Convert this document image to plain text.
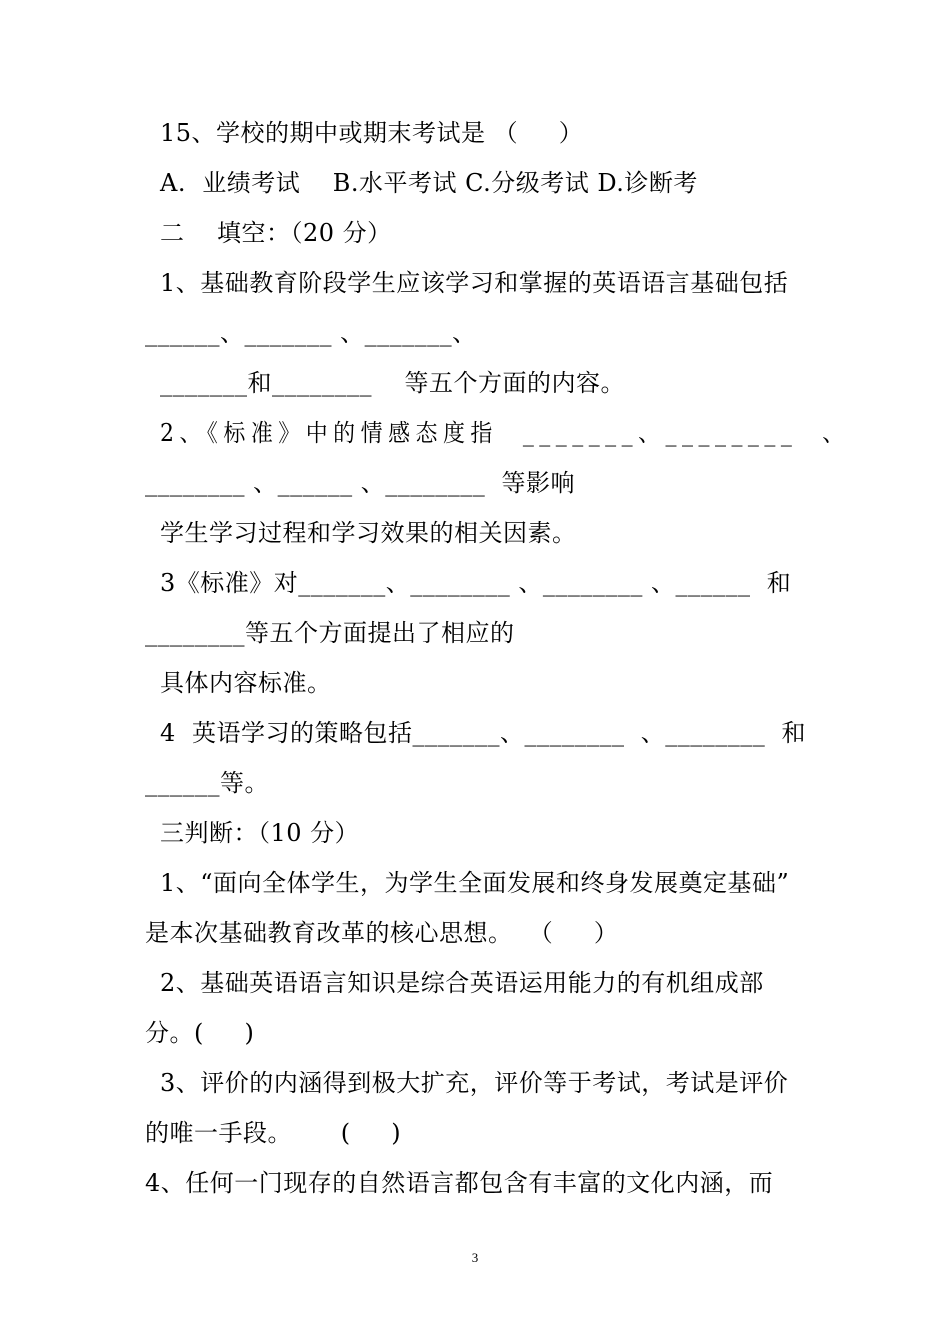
15、学校的期中或期末考试是 （     ）

A.  业绩考试    B.水平考试 C.分级考试 D.诊断考

二    填空：（20 分）

1、基础教育阶段学生应该学习和掌握的英语语言基础包括

______、_______ 、_______、

_______和________    等五个方面的内容。

2、《标准》中的情感态度指  _______、________  、

________ 、______ 、________  等影响

学生学习过程和学习效果的相关因素。

3《标准》对_______、________ 、________ 、______  和

________等五个方面提出了相应的

具体内容标准。

4  英语学习的策略包括_______、________  、________  和

______等。

三判断：（10 分）

1、“面向全体学生，为学生全面发展和终身发展奠定基础”

是本次基础教育改革的核心思想。  （     ）

2、基础英语语言知识是综合英语运用能力的有机组成部

分。(     )

3、评价的内涵得到极大扩充，评价等于考试，考试是评价

的唯一手段。      (     )

4、任何一门现存的自然语言都包含有丰富的文化内涵，而

3
